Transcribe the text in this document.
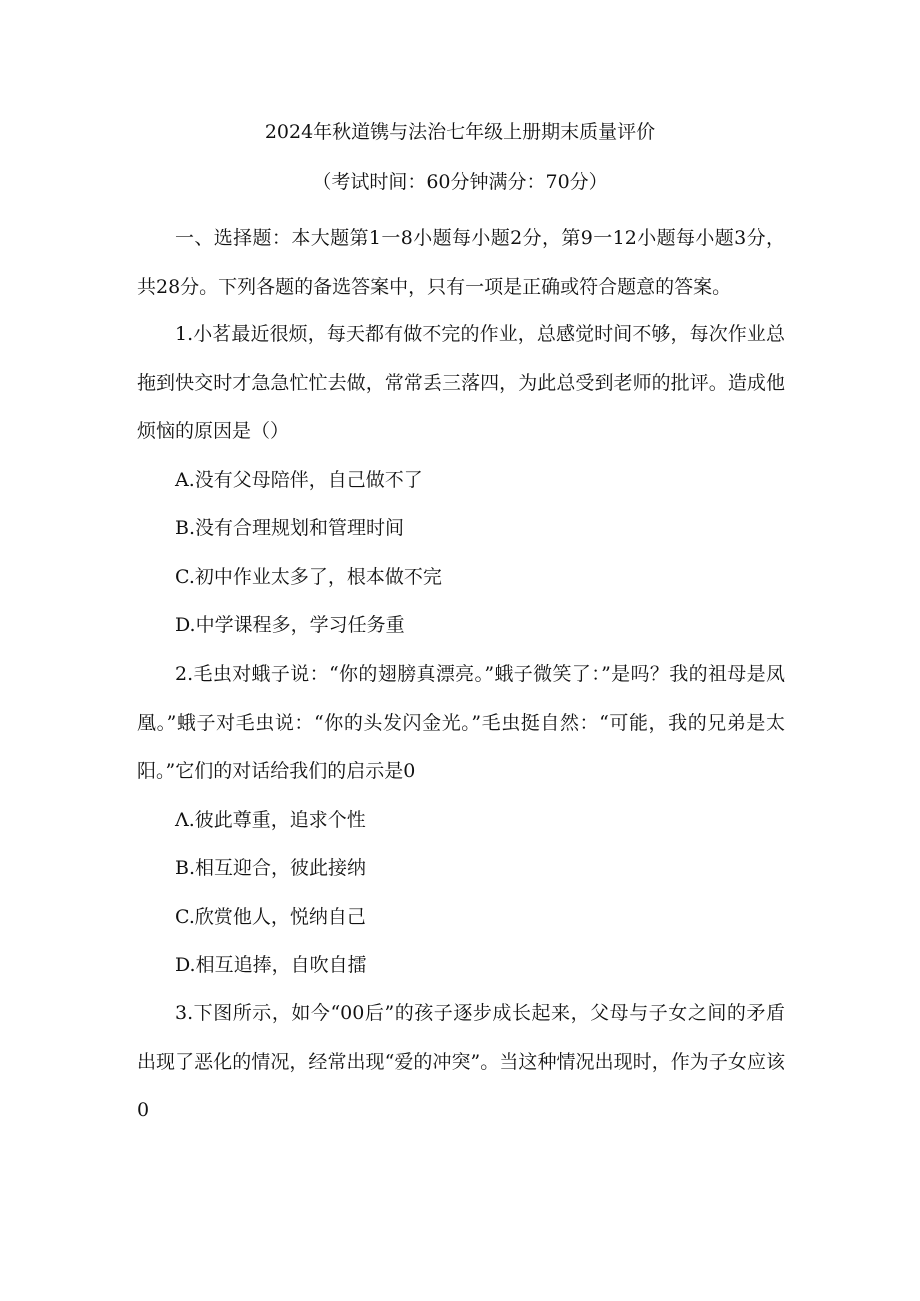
2024年秋道镌与法治七年级上册期末质量评价
（考试时间：60分钟满分：70分）

一、选择题：本大题第1一8小题每小题2分，第9一12小题每小题3分，共28分。下列各题的备选答案中，只有一项是正确或符合题意的答案。

1.小茗最近很烦，每天都有做不完的作业，总感觉时间不够，每次作业总拖到快交时才急急忙忙去做，常常丢三落四，为此总受到老师的批评。造成他烦恼的原因是（）

A.没有父母陪伴，自己做不了

B.没有合理规划和管理时间

C.初中作业太多了，根本做不完

D.中学课程多，学习任务重

2.毛虫对蛾子说：“你的翅膀真漂亮。”蛾子微笑了：”是吗？我的祖母是凤凰。”蛾子对毛虫说：“你的头发闪金光。”毛虫挺自然：“可能，我的兄弟是太阳。”它们的对话给我们的启示是0

Λ.彼此尊重，追求个性

B.相互迎合，彼此接纳

C.欣赏他人，悦纳自己

D.相互追捧，自吹自擂

3.下图所示，如今“00后”的孩子逐步成长起来，父母与子女之间的矛盾出现了恶化的情况，经常出现“爱的冲突”。当这种情况出现时，作为子女应该0
